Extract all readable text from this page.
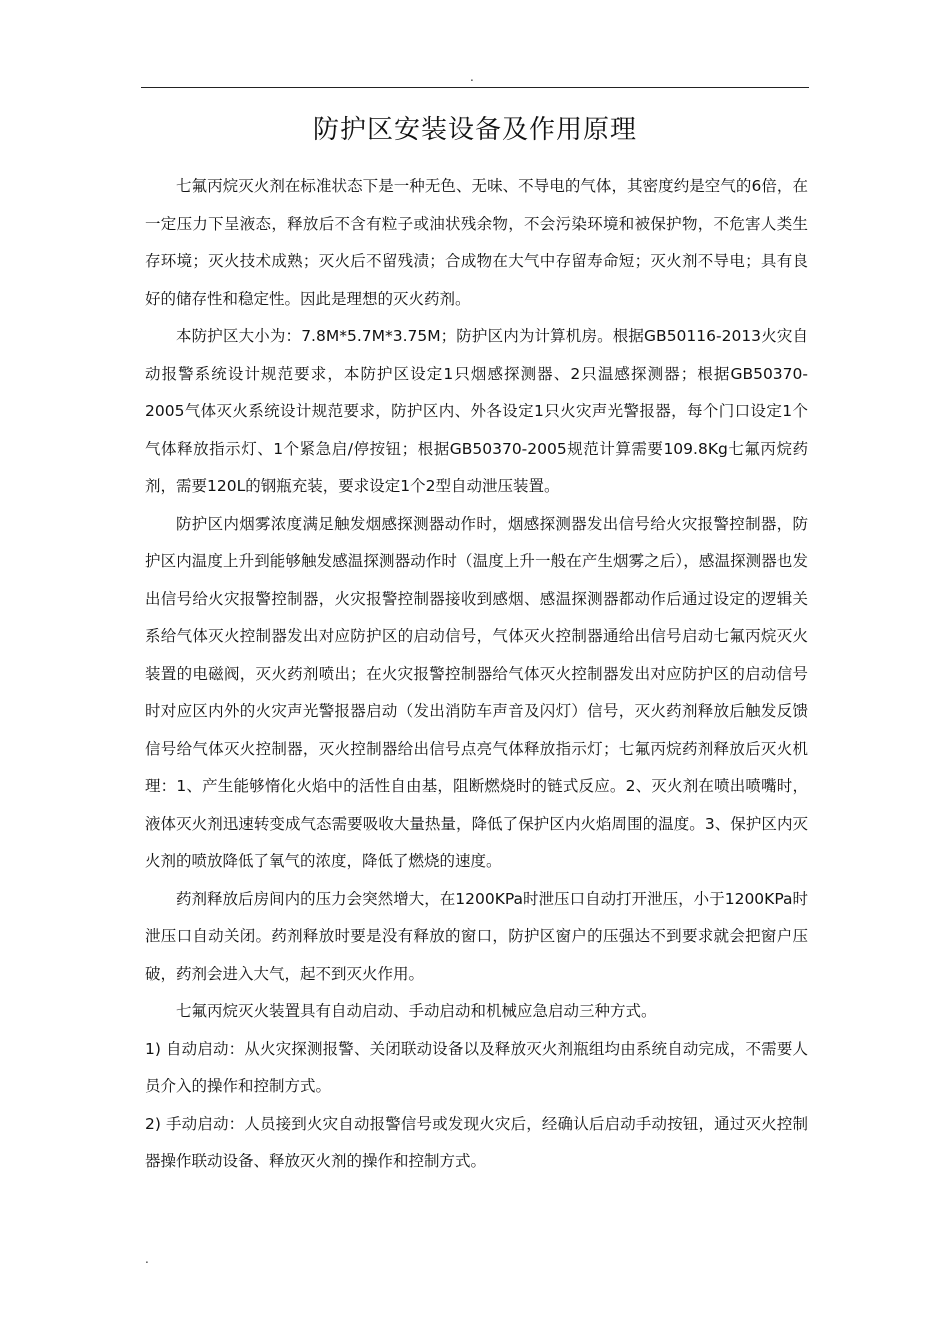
.
防护区安装设备及作用原理

七氟丙烷灭火剂在标准状态下是一种无色、无味、不导电的气体，其密度约是空气的6倍，在一定压力下呈液态，释放后不含有粒子或油状残余物，不会污染环境和被保护物，不危害人类生存环境；灭火技术成熟；灭火后不留残渍；合成物在大气中存留寿命短；灭火剂不导电；具有良好的储存性和稳定性。因此是理想的灭火药剂。

本防护区大小为：7.8M*5.7M*3.75M；防护区内为计算机房。根据GB50116-2013火灾自动报警系统设计规范要求，本防护区设定1只烟感探测器、2只温感探测器；根据GB50370-2005气体灭火系统设计规范要求，防护区内、外各设定1只火灾声光警报器，每个门口设定1个气体释放指示灯、1个紧急启/停按钮；根据GB50370-2005规范计算需要109.8Kg七氟丙烷药剂，需要120L的钢瓶充装，要求设定1个2型自动泄压装置。

防护区内烟雾浓度满足触发烟感探测器动作时，烟感探测器发出信号给火灾报警控制器，防护区内温度上升到能够触发感温探测器动作时（温度上升一般在产生烟雾之后），感温探测器也发出信号给火灾报警控制器，火灾报警控制器接收到感烟、感温探测器都动作后通过设定的逻辑关系给气体灭火控制器发出对应防护区的启动信号，气体灭火控制器通给出信号启动七氟丙烷灭火装置的电磁阀，灭火药剂喷出；在火灾报警控制器给气体灭火控制器发出对应防护区的启动信号时对应区内外的火灾声光警报器启动（发出消防车声音及闪灯）信号，灭火药剂释放后触发反馈信号给气体灭火控制器，灭火控制器给出信号点亮气体释放指示灯；七氟丙烷药剂释放后灭火机理：1、产生能够惰化火焰中的活性自由基，阻断燃烧时的链式反应。2、灭火剂在喷出喷嘴时，液体灭火剂迅速转变成气态需要吸收大量热量，降低了保护区内火焰周围的温度。3、保护区内灭火剂的喷放降低了氧气的浓度，降低了燃烧的速度。

药剂释放后房间内的压力会突然增大，在1200KPa时泄压口自动打开泄压，小于1200KPa时泄压口自动关闭。药剂释放时要是没有释放的窗口，防护区窗户的压强达不到要求就会把窗户压破，药剂会进入大气，起不到灭火作用。

七氟丙烷灭火装置具有自动启动、手动启动和机械应急启动三种方式。

1) 自动启动：从火灾探测报警、关闭联动设备以及释放灭火剂瓶组均由系统自动完成，不需要人员介入的操作和控制方式。

2) 手动启动：人员接到火灾自动报警信号或发现火灾后，经确认后启动手动按钮，通过灭火控制器操作联动设备、释放灭火剂的操作和控制方式。

.
